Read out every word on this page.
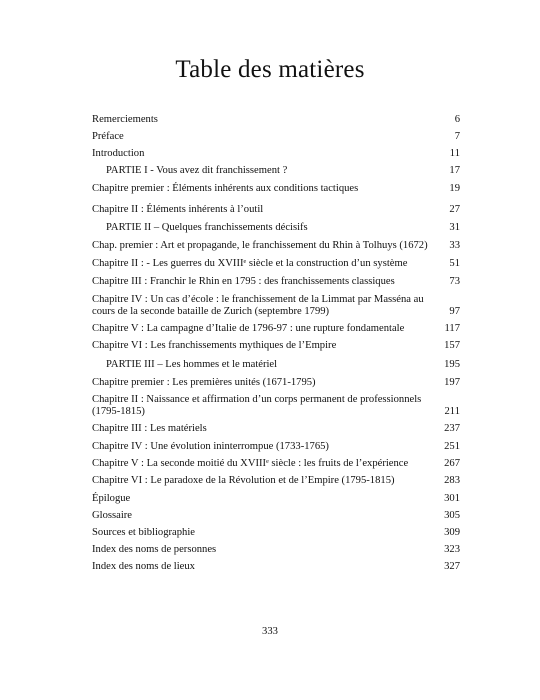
Table des matières
Remerciements	6
Préface	7
Introduction	11
PARTIE I - Vous avez dit franchissement ?	17
Chapitre premier : Éléments inhérents aux conditions tactiques	19
Chapitre II : Éléments inhérents à l’outil	27
PARTIE II – Quelques franchissements décisifs	31
Chap. premier : Art et propagande, le franchissement du Rhin à Tolhuys (1672)	33
Chapitre II : - Les guerres du XVIIIᵉ siècle et la construction d’un système	51
Chapitre III : Franchir le Rhin en 1795 : des franchissements classiques	73
Chapitre IV : Un cas d’école : le franchissement de la Limmat par Masséna au cours de la seconde bataille de Zurich (septembre 1799)	97
Chapitre V : La campagne d’Italie de 1796-97 : une rupture fondamentale	117
Chapitre VI : Les franchissements mythiques de l’Empire	157
PARTIE III – Les hommes et le matériel	195
Chapitre premier : Les premières unités (1671-1795)	197
Chapitre II : Naissance et affirmation d’un corps permanent de professionnels (1795-1815)	211
Chapitre III : Les matériels	237
Chapitre IV : Une évolution ininterrompue (1733-1765)	251
Chapitre V : La seconde moitié du XVIIIᵉ siècle : les fruits de l’expérience	267
Chapitre VI : Le paradoxe de la Révolution et de l’Empire (1795-1815)	283
Épilogue	301
Glossaire	305
Sources et bibliographie	309
Index des noms de personnes	323
Index des noms de lieux	327
333
